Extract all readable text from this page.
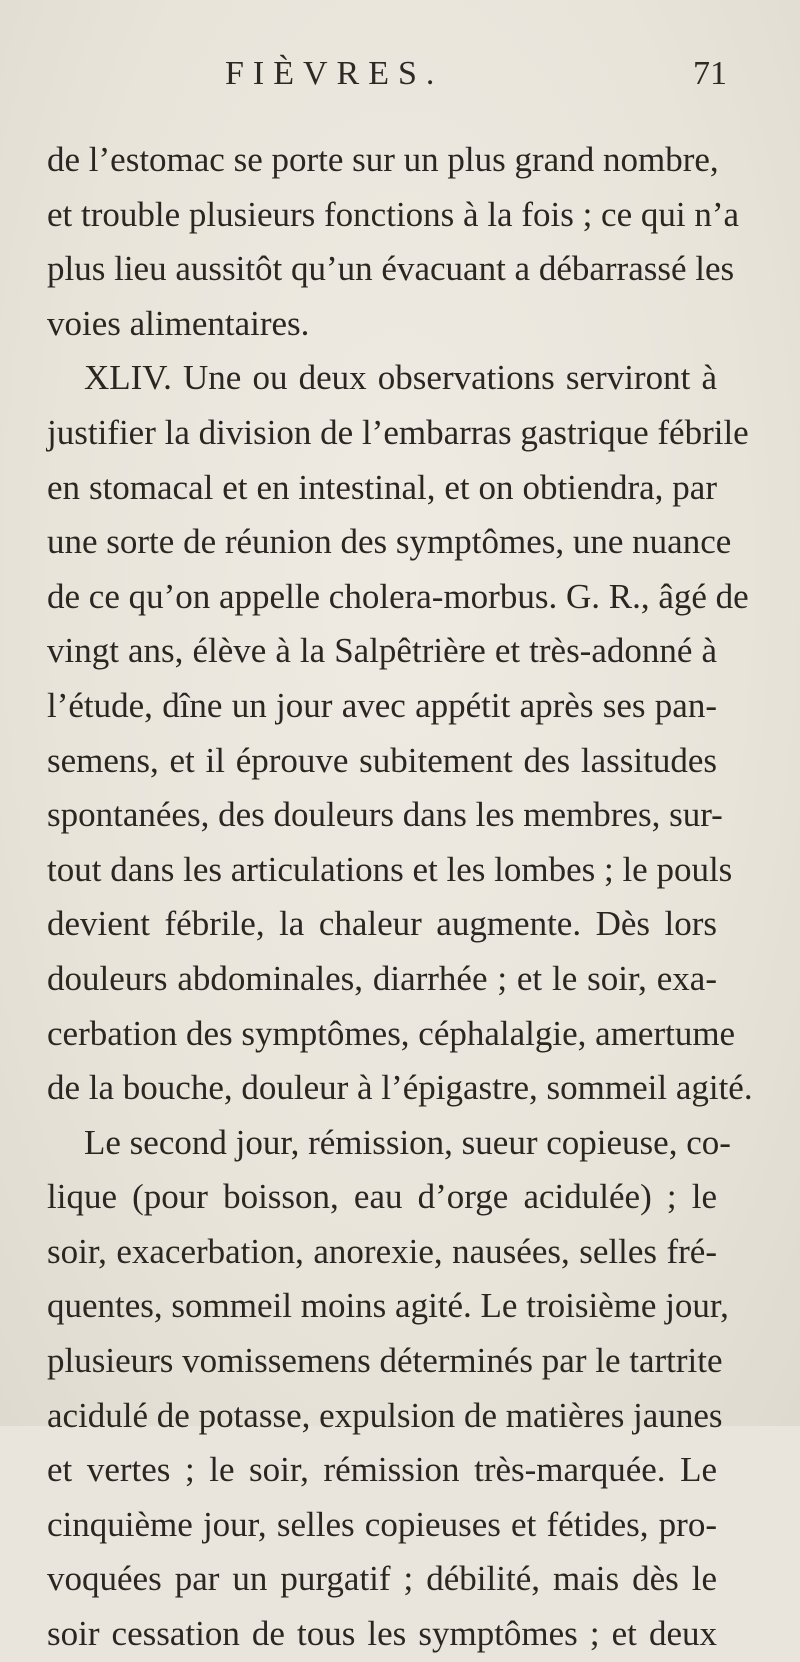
FIÈVRES.	71
de l’estomac se porte sur un plus grand nombre,
et trouble plusieurs fonctions à la fois ; ce qui n’a
plus lieu aussitôt qu’un évacuant a débarrassé les
voies alimentaires.
XLIV. Une ou deux observations serviront à
justifier la division de l’embarras gastrique fébrile
en stomacal et en intestinal, et on obtiendra, par
une sorte de réunion des symptômes, une nuance
de ce qu’on appelle cholera-morbus. G. R., âgé de
vingt ans, élève à la Salpêtrière et très-adonné à
l’étude, dîne un jour avec appétit après ses pan-
semens, et il éprouve subitement des lassitudes
spontanées, des douleurs dans les membres, sur-
tout dans les articulations et les lombes ; le pouls
devient fébrile, la chaleur augmente. Dès lors
douleurs abdominales, diarrhée ; et le soir, exa-
cerbation des symptômes, céphalalgie, amertume
de la bouche, douleur à l’épigastre, sommeil agité.
Le second jour, rémission, sueur copieuse, co-
lique (pour boisson, eau d’orge acidulée) ; le
soir, exacerbation, anorexie, nausées, selles fré-
quentes, sommeil moins agité. Le troisième jour,
plusieurs vomissemens déterminés par le tartrite
acidulé de potasse, expulsion de matières jaunes
et vertes ; le soir, rémission très-marquée. Le
cinquième jour, selles copieuses et fétides, pro-
voquées par un purgatif ; débilité, mais dès le
soir cessation de tous les symptômes ; et deux
